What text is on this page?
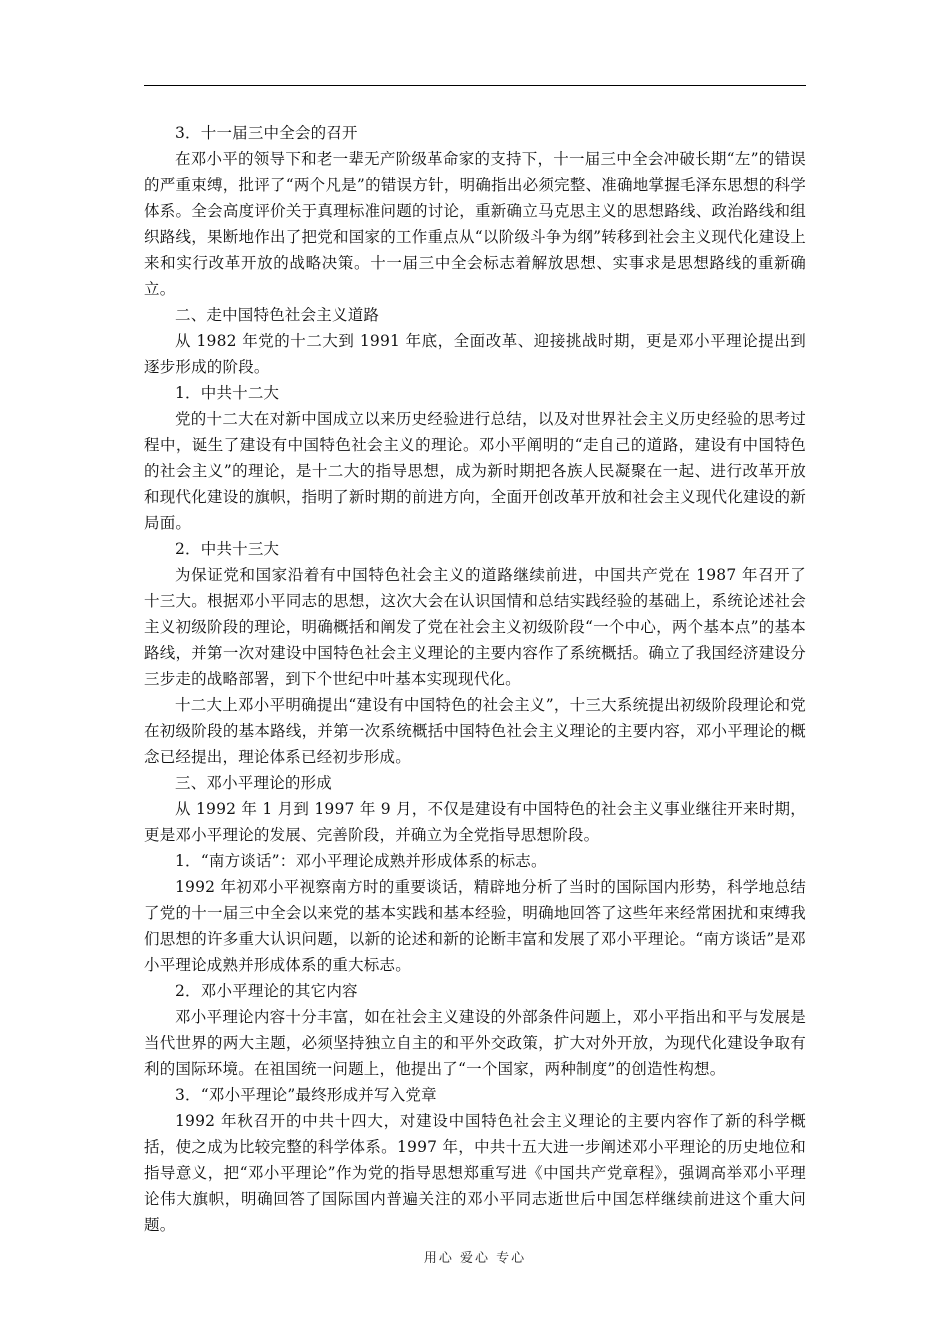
3．十一届三中全会的召开

在邓小平的领导下和老一辈无产阶级革命家的支持下，十一届三中全会冲破长期“左”的错误的严重束缚，批评了“两个凡是”的错误方针，明确指出必须完整、准确地掌握毛泽东思想的科学体系。全会高度评价关于真理标准问题的讨论，重新确立马克思主义的思想路线、政治路线和组织路线，果断地作出了把党和国家的工作重点从“以阶级斗争为纲”转移到社会主义现代化建设上来和实行改革开放的战略决策。十一届三中全会标志着解放思想、实事求是思想路线的重新确立。

二、走中国特色社会主义道路

从 1982 年党的十二大到 1991 年底，全面改革、迎接挑战时期，更是邓小平理论提出到逐步形成的阶段。

1．中共十二大

党的十二大在对新中国成立以来历史经验进行总结，以及对世界社会主义历史经验的思考过程中，诞生了建设有中国特色社会主义的理论。邓小平阐明的“走自己的道路，建设有中国特色的社会主义”的理论，是十二大的指导思想，成为新时期把各族人民凝聚在一起、进行改革开放和现代化建设的旗帜，指明了新时期的前进方向，全面开创改革开放和社会主义现代化建设的新局面。

2．中共十三大

为保证党和国家沿着有中国特色社会主义的道路继续前进，中国共产党在 1987 年召开了十三大。根据邓小平同志的思想，这次大会在认识国情和总结实践经验的基础上，系统论述社会主义初级阶段的理论，明确概括和阐发了党在社会主义初级阶段“一个中心，两个基本点”的基本路线，并第一次对建设中国特色社会主义理论的主要内容作了系统概括。确立了我国经济建设分三步走的战略部署，到下个世纪中叶基本实现现代化。

十二大上邓小平明确提出“建设有中国特色的社会主义”，十三大系统提出初级阶段理论和党在初级阶段的基本路线，并第一次系统概括中国特色社会主义理论的主要内容，邓小平理论的概念已经提出，理论体系已经初步形成。

三、邓小平理论的形成

从 1992 年 1 月到 1997 年 9 月，不仅是建设有中国特色的社会主义事业继往开来时期，更是邓小平理论的发展、完善阶段，并确立为全党指导思想阶段。

1．“南方谈话”：邓小平理论成熟并形成体系的标志。

1992 年初邓小平视察南方时的重要谈话，精辟地分析了当时的国际国内形势，科学地总结了党的十一届三中全会以来党的基本实践和基本经验，明确地回答了这些年来经常困扰和束缚我们思想的许多重大认识问题，以新的论述和新的论断丰富和发展了邓小平理论。“南方谈话”是邓小平理论成熟并形成体系的重大标志。

2．邓小平理论的其它内容

邓小平理论内容十分丰富，如在社会主义建设的外部条件问题上，邓小平指出和平与发展是当代世界的两大主题，必须坚持独立自主的和平外交政策，扩大对外开放，为现代化建设争取有利的国际环境。在祖国统一问题上，他提出了“一个国家，两种制度”的创造性构想。

3．“邓小平理论”最终形成并写入党章

1992 年秋召开的中共十四大，对建设中国特色社会主义理论的主要内容作了新的科学概括，使之成为比较完整的科学体系。1997 年，中共十五大进一步阐述邓小平理论的历史地位和指导意义，把“邓小平理论”作为党的指导思想郑重写进《中国共产党章程》，强调高举邓小平理论伟大旗帜，明确回答了国际国内普遍关注的邓小平同志逝世后中国怎样继续前进这个重大问题。

用心 爱心 专心
